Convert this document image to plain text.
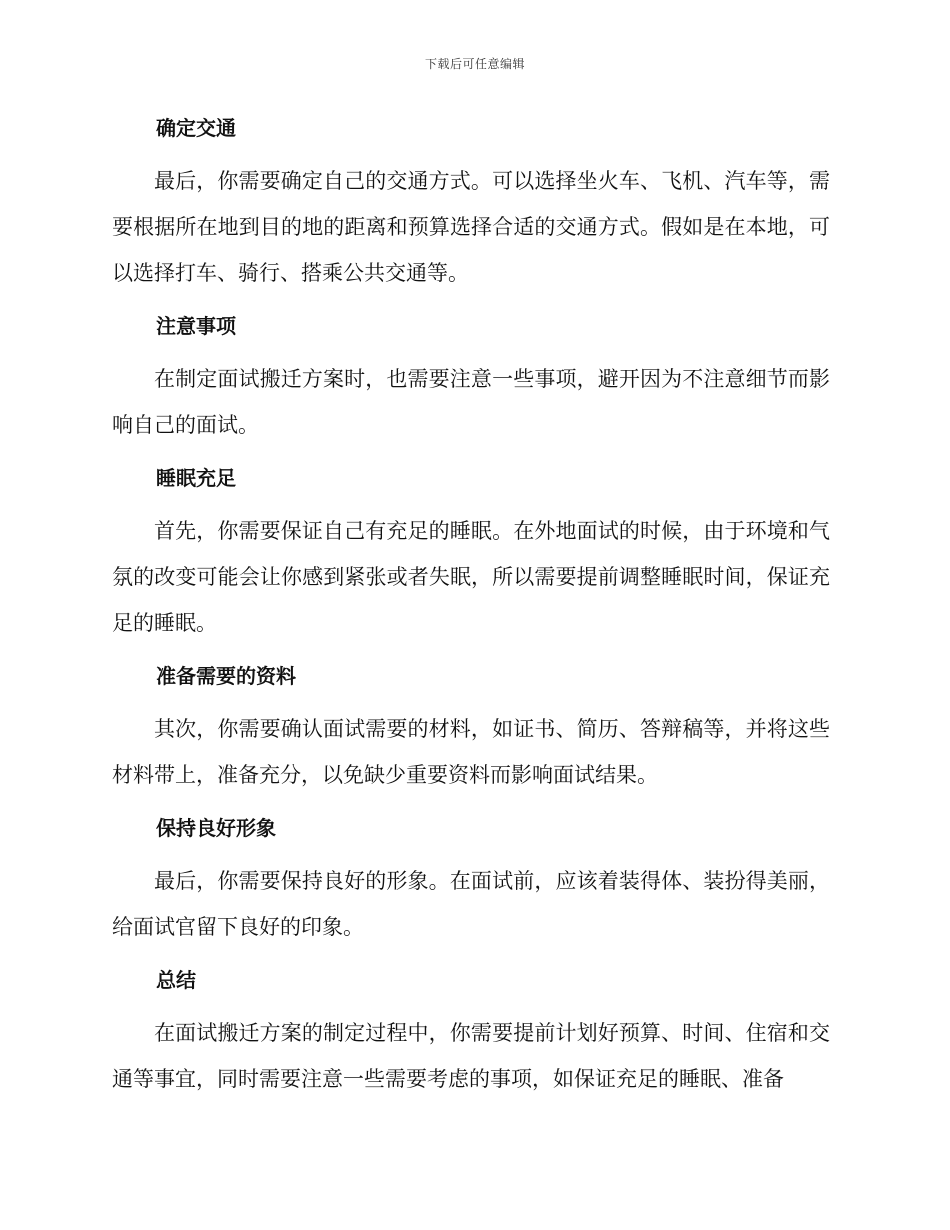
下载后可任意编辑
确定交通

最后，你需要确定自己的交通方式。可以选择坐火车、飞机、汽车等，需要根据所在地到目的地的距离和预算选择合适的交通方式。假如是在本地，可以选择打车、骑行、搭乘公共交通等。

注意事项

在制定面试搬迁方案时，也需要注意一些事项，避开因为不注意细节而影响自己的面试。

睡眠充足

首先，你需要保证自己有充足的睡眠。在外地面试的时候，由于环境和气氛的改变可能会让你感到紧张或者失眠，所以需要提前调整睡眠时间，保证充足的睡眠。

准备需要的资料

其次，你需要确认面试需要的材料，如证书、简历、答辩稿等，并将这些材料带上，准备充分，以免缺少重要资料而影响面试结果。

保持良好形象

最后，你需要保持良好的形象。在面试前，应该着装得体、装扮得美丽，给面试官留下良好的印象。

总结

在面试搬迁方案的制定过程中，你需要提前计划好预算、时间、住宿和交通等事宜，同时需要注意一些需要考虑的事项，如保证充足的睡眠、准备
